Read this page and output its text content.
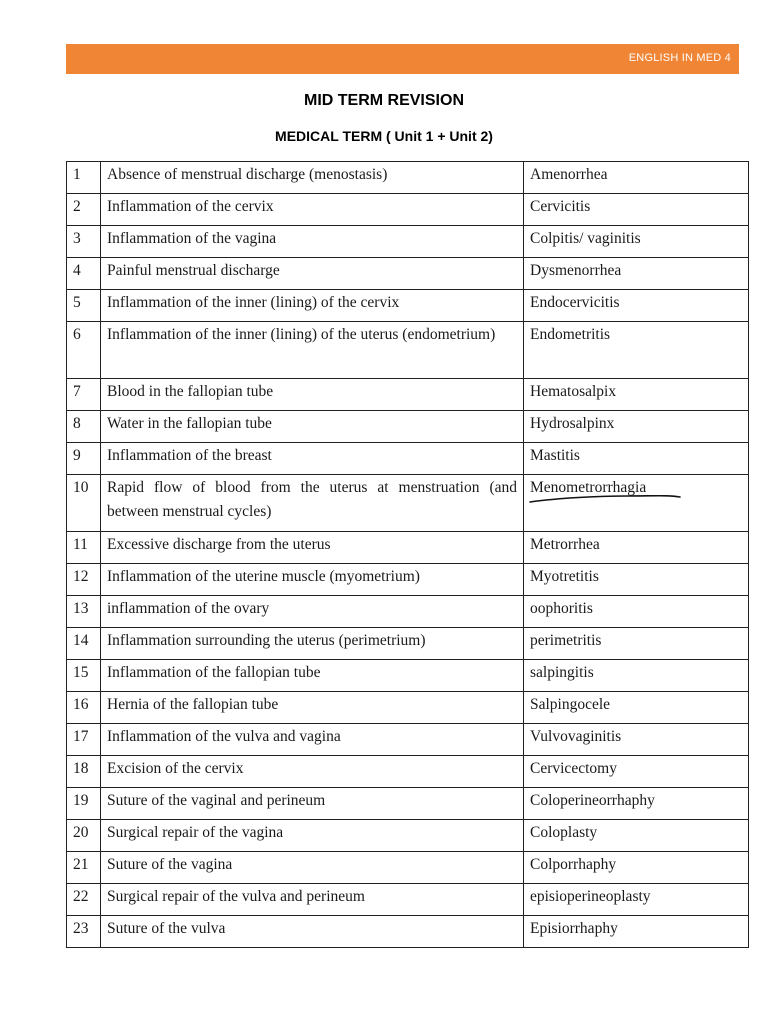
ENGLISH IN MED 4
MID TERM REVISION
MEDICAL TERM ( Unit 1 + Unit 2)
1	Absence of menstrual discharge (menostasis)	Amenorrhea
2	Inflammation of the cervix	Cervicitis
3	Inflammation of the vagina	Colpitis/ vaginitis
4	Painful menstrual discharge	Dysmenorrhea
5	Inflammation of the inner (lining) of the cervix	Endocervicitis
6	Inflammation of the inner (lining) of the uterus (endometrium)	Endometritis
7	Blood in the fallopian tube	Hematosalpix
8	Water in the fallopian tube	Hydrosalpinx
9	Inflammation of the breast	Mastitis
10	Rapid flow of blood from the uterus at menstruation (and between menstrual cycles)	Menometrorrhagia

11	Excessive discharge from the uterus	Metrorrhea
12	Inflammation of the uterine muscle (myometrium)	Myotretitis
13	inflammation of the ovary	oophoritis
14	Inflammation surrounding the uterus (perimetrium)	perimetritis
15	Inflammation of the fallopian tube	salpingitis
16	Hernia of the fallopian tube	Salpingocele
17	Inflammation of the vulva and vagina	Vulvovaginitis
18	Excision of the cervix	Cervicectomy
19	Suture of the vaginal and perineum	Coloperineorrhaphy
20	Surgical repair of the vagina	Coloplasty
21	Suture of the vagina	Colporrhaphy
22	Surgical repair of the vulva and perineum	episioperineoplasty
23	Suture of the vulva	Episiorrhaphy
